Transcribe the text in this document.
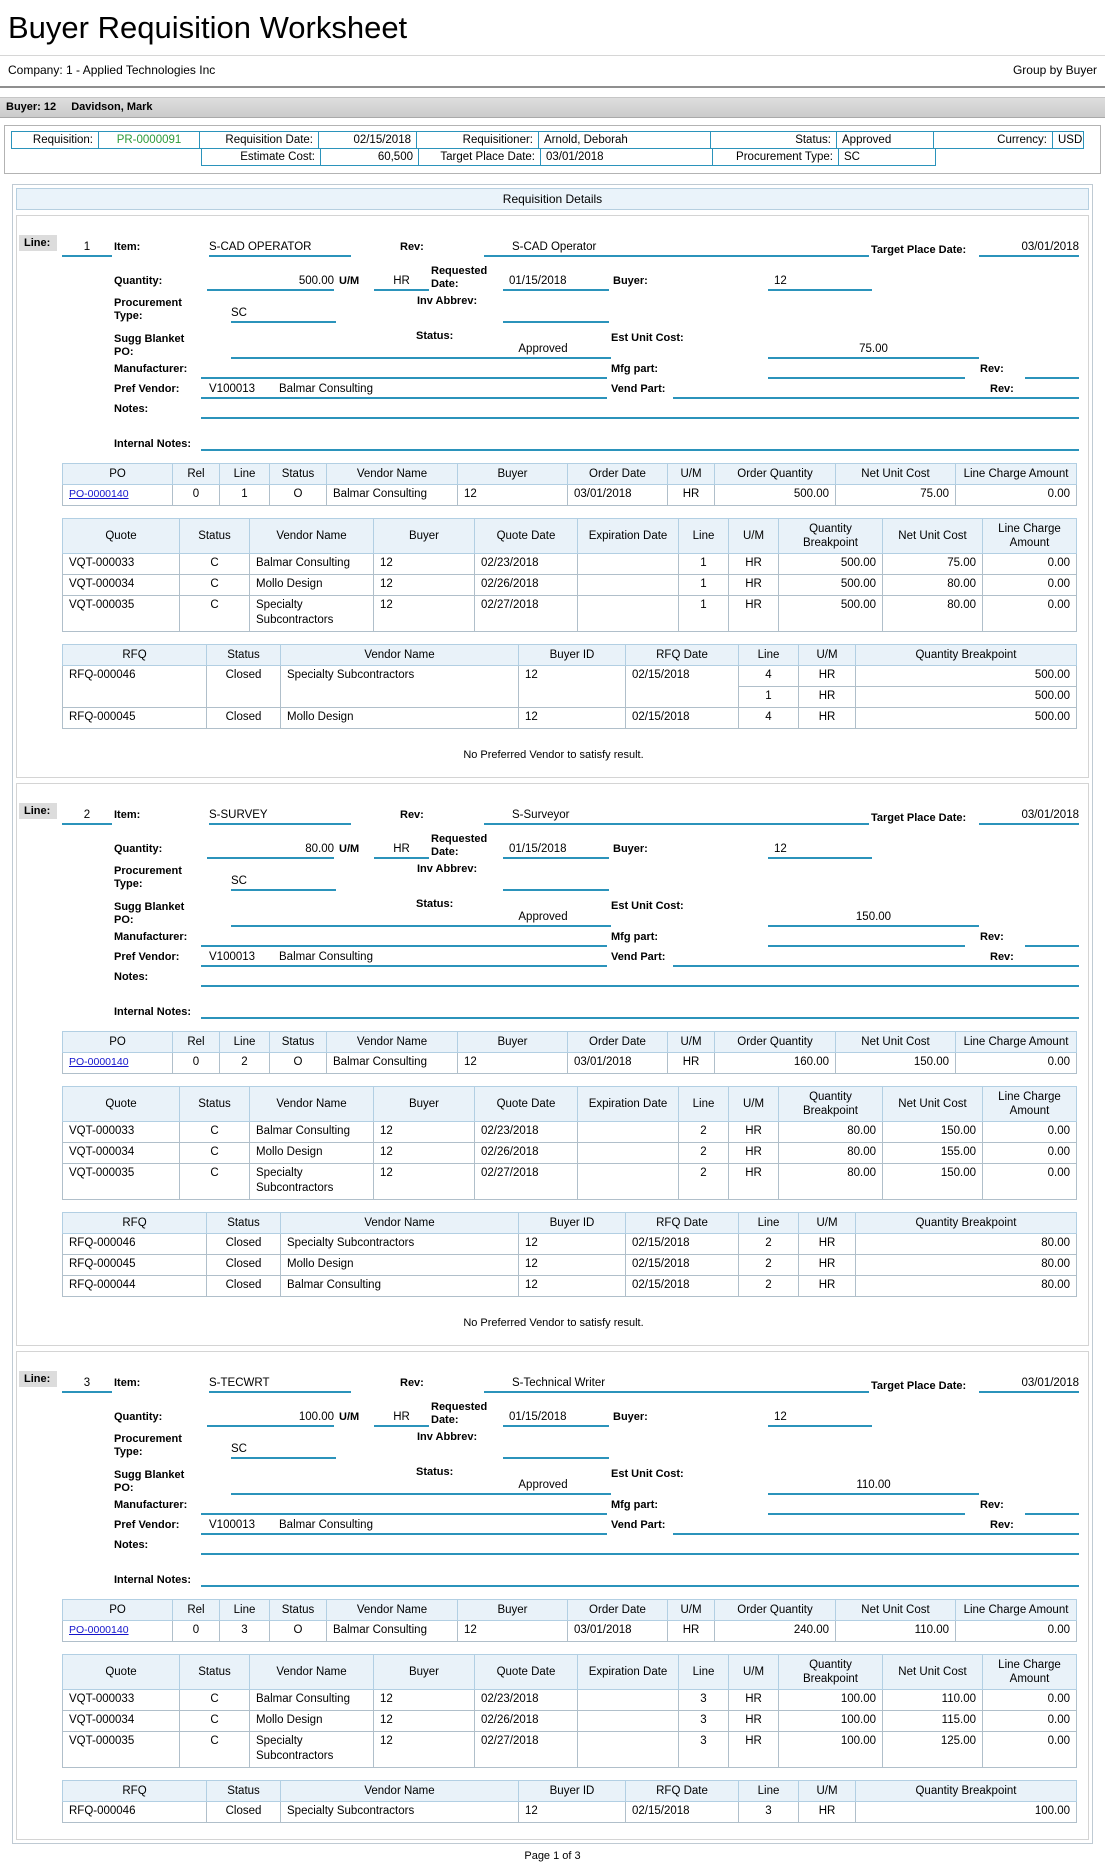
Buyer Requisition Worksheet
Company:
1 - Applied Technologies Inc	Group by Buyer
Buyer: 12 Davidson, Mark
Requisition:	PR-0000091	Requisition Date:	02/15/2018	Requisitioner: Arnold, Deborah	Status: Approved	Currency: USD
Estimate Cost:	60,500	Target Place Date: 03/01/2018	Procurement Type: SC
Requisition Details
Line:	1	Item:	S-CAD OPERATOR	Rev:	S-CAD Operator	Target Place Date:	03/01/2018
Quantity:	500.00 U/M	HR
Requested Date:	01/15/2018	Buyer:	12
Procurement Type:	SC
Inv Abbrev:
Sugg Blanket PO:
Status:
Approved
Est Unit Cost:
75.00
Manufacturer:	Mfg part:	Rev:
Pref Vendor:	V100013	Balmar Consulting	Vend Part:	Rev:
Notes:
Internal Notes:
PO	Rel	Line	Status	Vendor Name	Buyer	Order Date	U/M	Order Quantity	Net Unit Cost	Line Charge Amount
PO-0000140	0	1	O	Balmar Consulting	12	03/01/2018	HR	500.00	75.00	0.00
Quote	Status	Vendor Name	Buyer	Quote Date	Expiration Date	Line	U/M	Quantity Breakpoint	Net Unit Cost	Line Charge Amount
VQT-000033	C	Balmar Consulting	12	02/23/2018		1	HR	500.00	75.00	0.00
VQT-000034	C	Mollo Design	12	02/26/2018		1	HR	500.00	80.00	0.00
VQT-000035	C	Specialty Subcontractors	12	02/27/2018		1	HR	500.00	80.00	0.00
RFQ	Status	Vendor Name	Buyer ID	RFQ Date	Line	U/M	Quantity Breakpoint
RFQ-000046	Closed	Specialty Subcontractors	12	02/15/2018	4	HR	500.00
					1	HR	500.00
RFQ-000045	Closed	Mollo Design	12	02/15/2018	4	HR	500.00
No Preferred Vendor to satisfy result.
Line:	2	Item:	S-SURVEY	Rev:	S-Surveyor	Target Place Date:	03/01/2018
Quantity:	80.00 U/M	HR
Requested Date:	01/15/2018	Buyer:	12
Procurement Type:	SC
Inv Abbrev:
Sugg Blanket PO:
Status:
Approved
Est Unit Cost:
150.00
Manufacturer:	Mfg part:	Rev:
Pref Vendor:	V100013	Balmar Consulting	Vend Part:	Rev:
Notes:
Internal Notes:
PO	Rel	Line	Status	Vendor Name	Buyer	Order Date	U/M	Order Quantity	Net Unit Cost	Line Charge Amount
PO-0000140	0	2	O	Balmar Consulting	12	03/01/2018	HR	160.00	150.00	0.00
Quote	Status	Vendor Name	Buyer	Quote Date	Expiration Date	Line	U/M	Quantity Breakpoint	Net Unit Cost	Line Charge Amount
VQT-000033	C	Balmar Consulting	12	02/23/2018		2	HR	80.00	150.00	0.00
VQT-000034	C	Mollo Design	12	02/26/2018		2	HR	80.00	155.00	0.00
VQT-000035	C	Specialty Subcontractors	12	02/27/2018		2	HR	80.00	150.00	0.00
RFQ	Status	Vendor Name	Buyer ID	RFQ Date	Line	U/M	Quantity Breakpoint
RFQ-000046	Closed	Specialty Subcontractors	12	02/15/2018	2	HR	80.00
RFQ-000045	Closed	Mollo Design	12	02/15/2018	2	HR	80.00
RFQ-000044	Closed	Balmar Consulting	12	02/15/2018	2	HR	80.00
No Preferred Vendor to satisfy result.
Line:	3	Item:	S-TECWRT	Rev:	S-Technical Writer	Target Place Date:	03/01/2018
Quantity:	100.00 U/M	HR
Requested Date:	01/15/2018	Buyer:	12
Procurement Type:	SC
Inv Abbrev:
Sugg Blanket PO:
Status:
Approved
Est Unit Cost:
110.00
Manufacturer:	Mfg part:	Rev:
Pref Vendor:	V100013	Balmar Consulting	Vend Part:	Rev:
Notes:
Internal Notes:
PO	Rel	Line	Status	Vendor Name	Buyer	Order Date	U/M	Order Quantity	Net Unit Cost	Line Charge Amount
PO-0000140	0	3	O	Balmar Consulting	12	03/01/2018	HR	240.00	110.00	0.00
Quote	Status	Vendor Name	Buyer	Quote Date	Expiration Date	Line	U/M	Quantity Breakpoint	Net Unit Cost	Line Charge Amount
VQT-000033	C	Balmar Consulting	12	02/23/2018		3	HR	100.00	110.00	0.00
VQT-000034	C	Mollo Design	12	02/26/2018		3	HR	100.00	115.00	0.00
VQT-000035	C	Specialty Subcontractors	12	02/27/2018		3	HR	100.00	125.00	0.00
RFQ	Status	Vendor Name	Buyer ID	RFQ Date	Line	U/M	Quantity Breakpoint
RFQ-000046	Closed	Specialty Subcontractors	12	02/15/2018	3	HR	100.00
Page 1 of 3
